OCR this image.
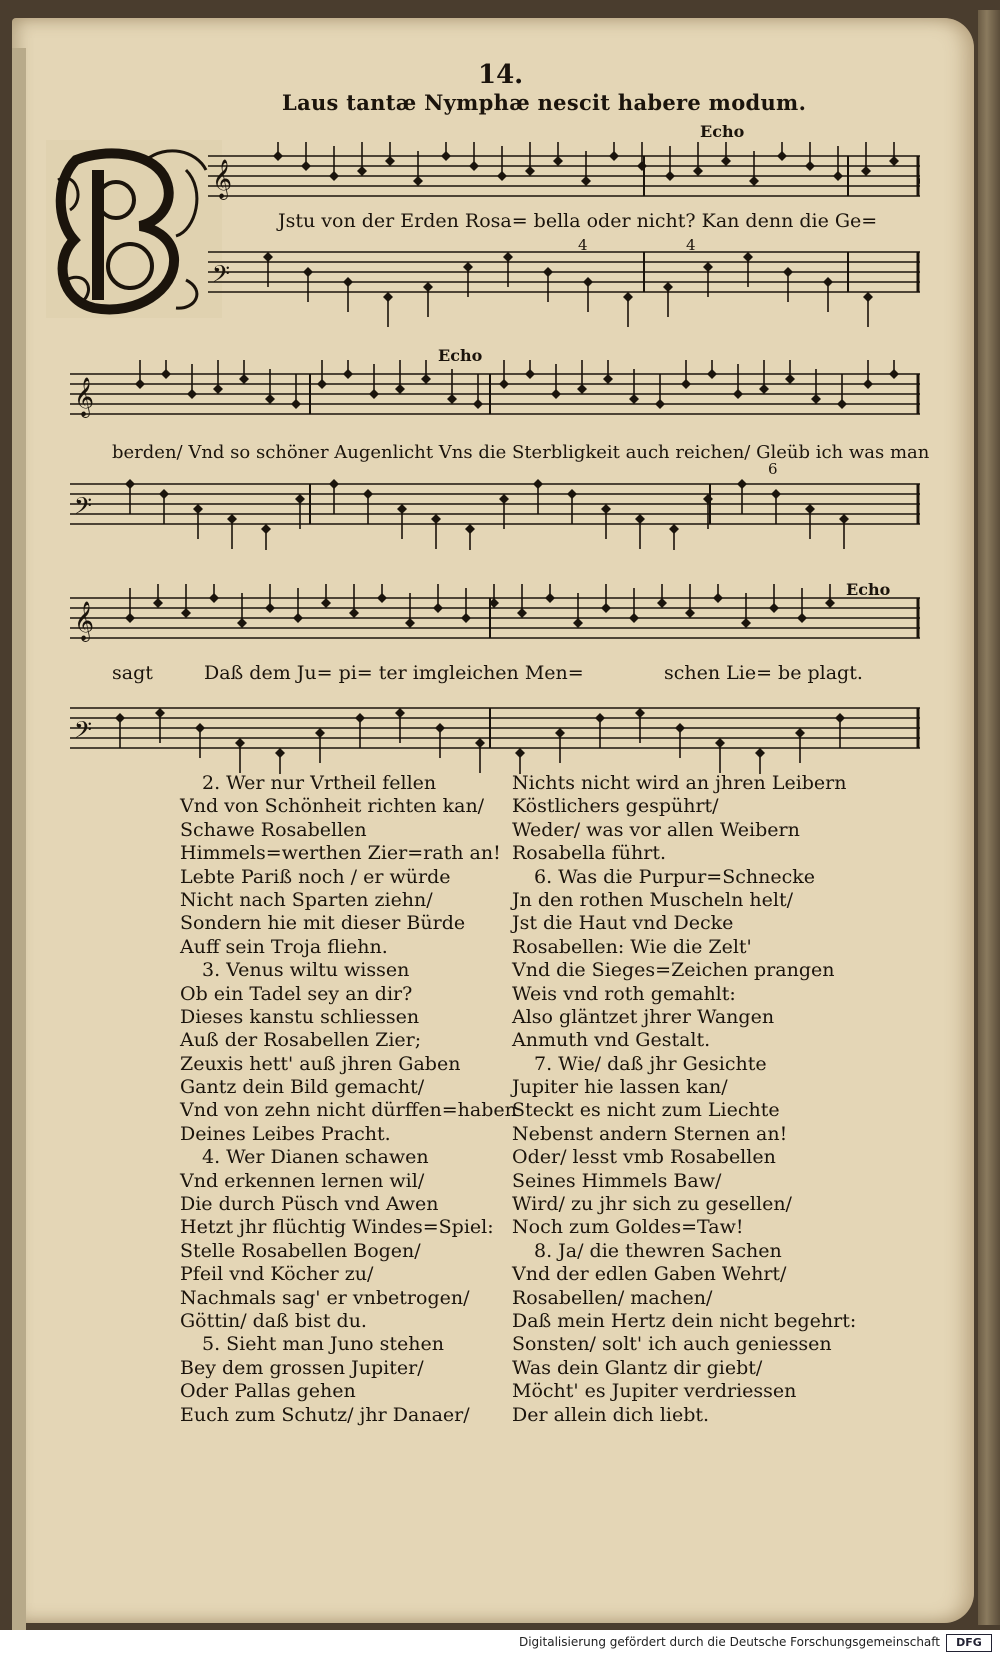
14.
Laus tantæ Nymphæ nescit habere modum.
𝄞
𝄢
𝄞
𝄢
𝄞
𝄢
Echo
Echo
Echo
4	4
6
Jstu von der Erden Rosa= bella oder nicht? Kan denn die Ge=
berden/ Vnd so schöner Augenlicht Vns die Sterbligkeit auch reichen/ Gleüb ich was man
sagt	Daß dem Ju= pi= ter imgleichen Men=	schen Lie= be plagt.
2. Wer nur Vrtheil fellen
Vnd von Schönheit richten kan/
Schawe Rosabellen
Himmels=werthen Zier=rath an!
Lebte Pariß noch / er würde
Nicht nach Sparten ziehn/
Sondern hie mit dieser Bürde
Auff sein Troja fliehn.
3. Venus wiltu wissen
Ob ein Tadel sey an dir?
Dieses kanstu schliessen
Auß der Rosabellen Zier;
Zeuxis hett' auß jhren Gaben
Gantz dein Bild gemacht/
Vnd von zehn nicht dürffen=haben
Deines Leibes Pracht.
4. Wer Dianen schawen
Vnd erkennen lernen wil/
Die durch Püsch vnd Awen
Hetzt jhr flüchtig Windes=Spiel:
Stelle Rosabellen Bogen/
Pfeil vnd Köcher zu/
Nachmals sag' er vnbetrogen/
Göttin/ daß bist du.
5. Sieht man Juno stehen
Bey dem grossen Jupiter/
Oder Pallas gehen
Euch zum Schutz/ jhr Danaer/
Nichts nicht wird an jhren Leibern
Köstlichers gespührt/
Weder/ was vor allen Weibern
Rosabella führt.
6. Was die Purpur=Schnecke
Jn den rothen Muscheln helt/
Jst die Haut vnd Decke
Rosabellen: Wie die Zelt'
Vnd die Sieges=Zeichen prangen
Weis vnd roth gemahlt:
Also gläntzet jhrer Wangen
Anmuth vnd Gestalt.
7. Wie/ daß jhr Gesichte
Jupiter hie lassen kan/
Steckt es nicht zum Liechte
Nebenst andern Sternen an!
Oder/ lesst vmb Rosabellen
Seines Himmels Baw/
Wird/ zu jhr sich zu gesellen/
Noch zum Goldes=Taw!
8. Ja/ die thewren Sachen
Vnd der edlen Gaben Wehrt/
Rosabellen/ machen/
Daß mein Hertz dein nicht begehrt:
Sonsten/ solt' ich auch geniessen
Was dein Glantz dir giebt/
Möcht' es Jupiter verdriessen
Der allein dich liebt.
Digitalisierung gefördert durch die Deutsche Forschungsgemeinschaft	DFG
